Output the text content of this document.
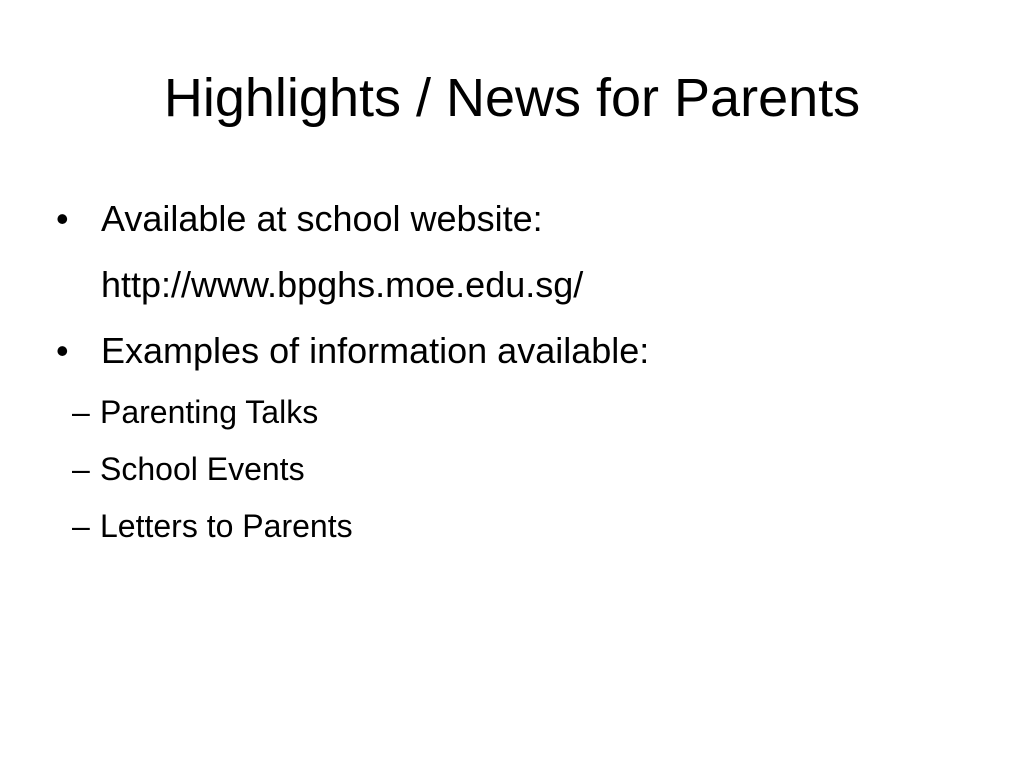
Highlights / News for Parents
• Available at school website:
http://www.bpghs.moe.edu.sg/
• Examples of information available:
– Parenting Talks
– School Events
– Letters to Parents
